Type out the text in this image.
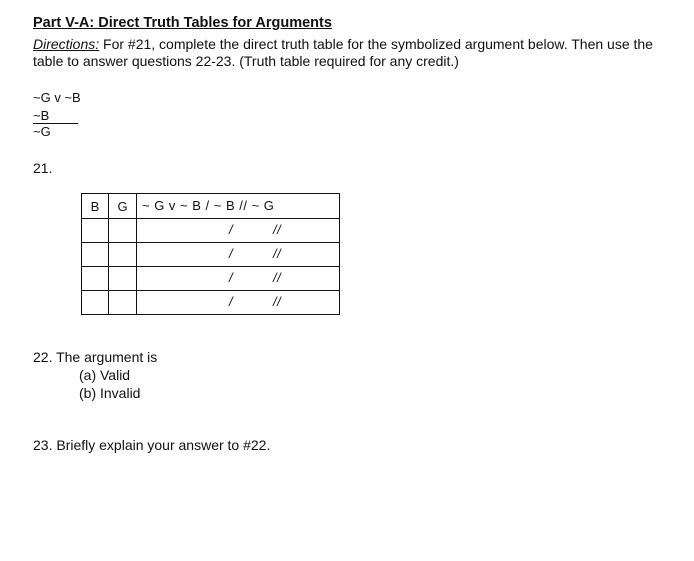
Part V-A: Direct Truth Tables for Arguments
Directions: For #21, complete the direct truth table for the symbolized argument below. Then use the table to answer questions 22-23. (Truth table required for any credit.)
~G v ~B
~B
~G
21.
B	G	~ G v ~ B / ~ B // ~ G

		/ //

		/ //

		/ //

		/ //
22. The argument is
(a) Valid
(b) Invalid
23. Briefly explain your answer to #22.
